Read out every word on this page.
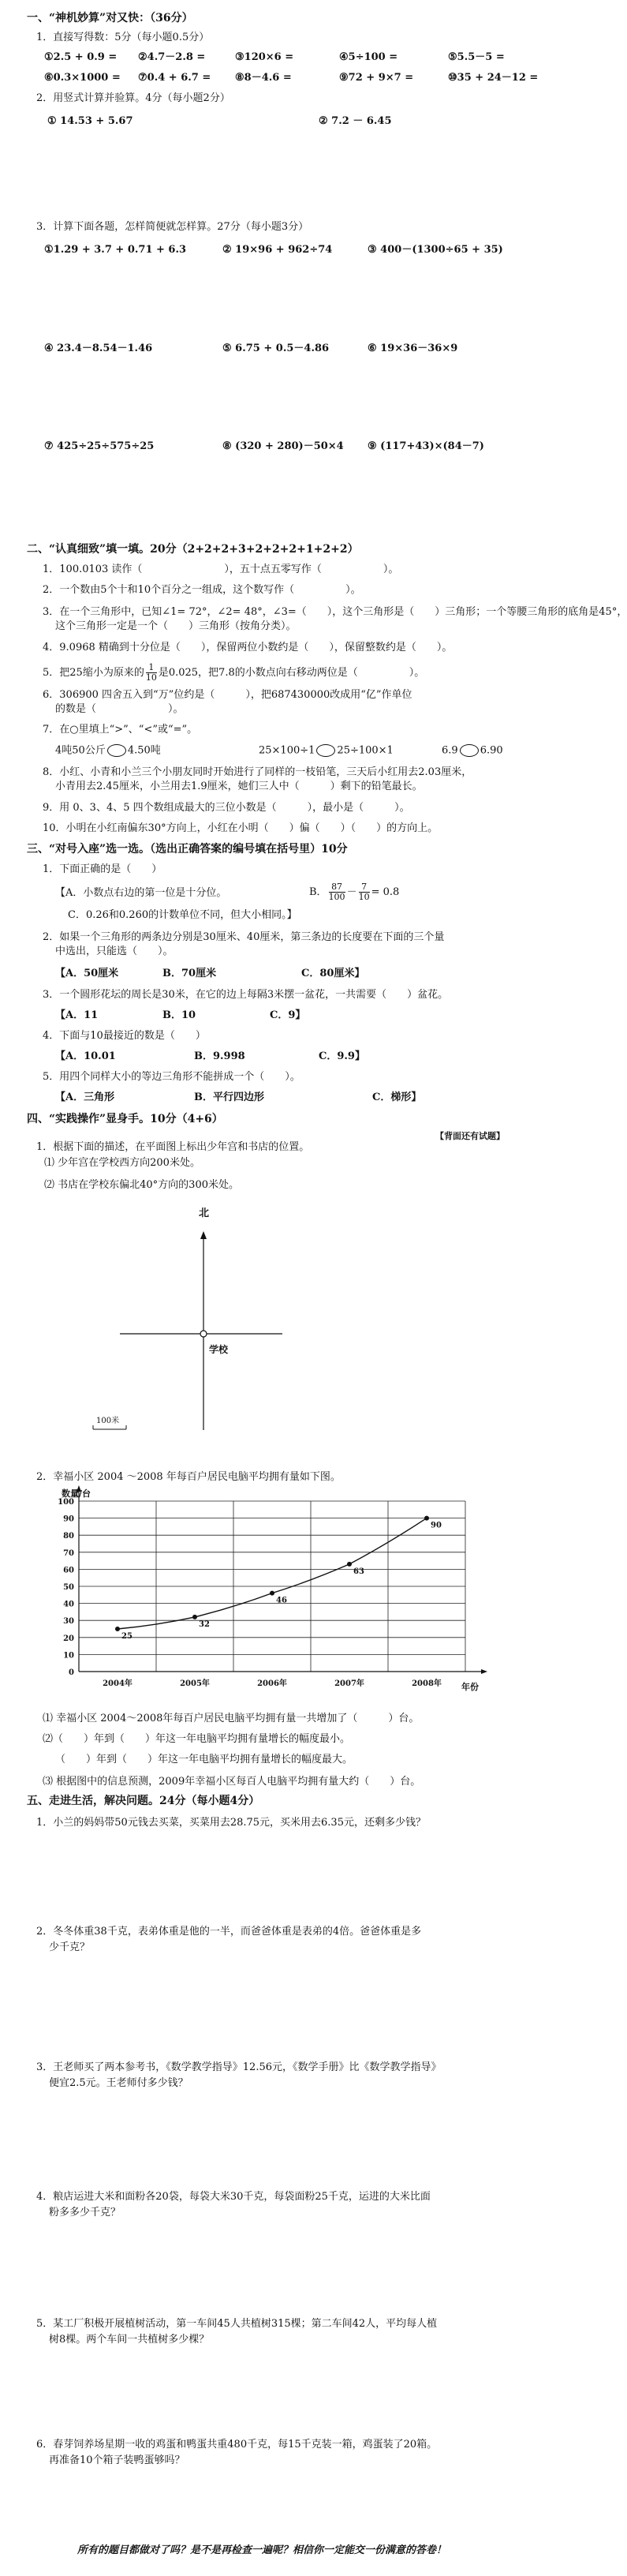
一、“神机妙算”对又快：（36分）
1．直接写得数：5分（每小题0.5分）
①2.5 + 0.9 = ②4.7－2.8 =	③120×6 =	④5÷100 =	⑤5.5－5 =
⑥0.3×1000 = ⑦0.4 + 6.7 = ⑧8－4.6 =	⑨72 + 9×7 =	⑩35 + 24－12 =
2．用竖式计算并验算。4分（每小题2分）
① 14.53 + 5.67	② 7.2 － 6.45
3．计算下面各题，怎样简便就怎样算。27分（每小题3分）
①1.29 + 3.7 + 0.71 + 6.3	② 19×96 + 962÷74	③ 400－(1300÷65 + 35)
④ 23.4－8.54－1.46	⑤ 6.75 + 0.5－4.86	⑥ 19×36－36×9
⑦ 425÷25÷575÷25	⑧ (320 + 280)－50×4 ⑨ (117+43)×(84－7)
二、“认真细致”填一填。20分（2+2+2+3+2+2+2+1+2+2）
1．100.0103 读作（　　　　　　　　），五十点五零写作（　　　　　　）。
2．一个数由5个十和10个百分之一组成，这个数写作（　　　　　）。
3．在一个三角形中，已知∠1= 72°，∠2= 48°，∠3=（　　），这个三角形是（　　）三角形；一个等腰三角形的底角是45°，
这个三角形一定是一个（　　）三角形（按角分类）。
4．9.0968 精确到十分位是（　　），保留两位小数约是（　　），保留整数约是（　　）。
5．把25缩小为原来的 $\frac{1}{10}$ 是0.025，把7.8的小数点向右移动两位是（　　　　　）。
6．306900 四舍五入到“万”位约是（　　　），把687430000改成用“亿”作单位
的数是（　　　　　　　）。
7．在○里填上“>”、“<”或“=”。
4吨50公斤 4.50吨	25×100÷1 25÷100×1	6.9 6.90
8．小红、小青和小兰三个小朋友同时开始进行了同样的一枝铅笔，三天后小红用去2.03厘米，
小青用去2.45厘米，小兰用去1.9厘米，她们三人中（　　　）剩下的铅笔最长。
9．用 0、3、4、5 四个数组成最大的三位小数是（　　　），最小是（　　　）。
10．小明在小红南偏东30°方向上，小红在小明（　　）偏（　　）（　　）的方向上。
三、“对号入座”选一选。（选出正确答案的编号填在括号里）10分
1．下面正确的是（　　）
【A．小数点右边的第一位是十分位。	B． $\frac{87}{100} - \frac{7}{10} = 0.8$
C．0.26和0.260的计数单位不同，但大小相同。】
2．如果一个三角形的两条边分别是30厘米、40厘米，第三条边的长度要在下面的三个量
中选出，只能选（　　）。
【A．50厘米	B．70厘米	C．80厘米】
3．一个圆形花坛的周长是30米，在它的边上每隔3米摆一盆花，一共需要（　　）盆花。
【A．11	B．10	C．9】
4．下面与10最接近的数是（　　）
【A．10.01	B．9.998	C．9.9】
5．用四个同样大小的等边三角形不能拼成一个（　　）。
【A．三角形	B．平行四边形	C．梯形】
四、“实践操作”显身手。10分（4+6）
【背面还有试题】
1．根据下面的描述，在平面图上标出少年宫和书店的位置。
⑴ 少年宫在学校西方向200米处。
⑵ 书店在学校东偏北40°方向的300米处。
北
学校
100米
2．幸福小区 2004 ～2008 年每百户居民电脑平均拥有量如下图。
0
10
20
30
40
50
60
70
80
90
100
2004年	2005年	2006年	2007年	2008年
25
32
46
63
90
数量/台
年份
⑴ 幸福小区 2004～2008年每百户居民电脑平均拥有量一共增加了（　　　）台。
⑵（　　）年到（　　）年这一年电脑平均拥有量增长的幅度最小。
（　　）年到（　　）年这一年电脑平均拥有量增长的幅度最大。
⑶ 根据图中的信息预测，2009年幸福小区每百人电脑平均拥有量大约（　　）台。
五、走进生活，解决问题。24分（每小题4分）
1．小兰的妈妈带50元钱去买菜，买菜用去28.75元，买米用去6.35元，还剩多少钱？
2．冬冬体重38千克，表弟体重是他的一半，而爸爸体重是表弟的4倍。爸爸体重是多
少千克？
3．王老师买了两本参考书，《数学教学指导》12.56元，《数学手册》比《数学教学指导》
便宜2.5元。王老师付多少钱？
4．粮店运进大米和面粉各20袋，每袋大米30千克，每袋面粉25千克，运进的大米比面
粉多多少千克？
5．某工厂积极开展植树活动，第一车间45人共植树315棵；第二车间42人，平均每人植
树8棵。两个车间一共植树多少棵？
6．春芽饲养场星期一收的鸡蛋和鸭蛋共重480千克，每15千克装一箱，鸡蛋装了20箱。
再准备10个箱子装鸭蛋够吗？
所有的题目都做对了吗？是不是再检查一遍呢？相信你一定能交一份满意的答卷！
